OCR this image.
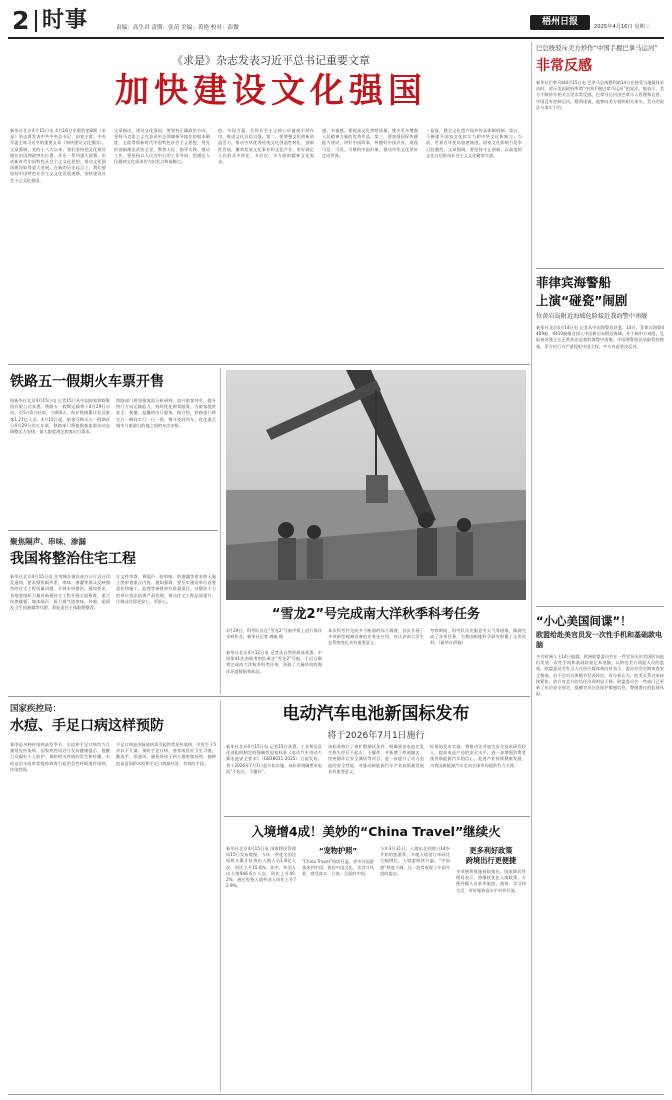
2 时事	责编：高生君 责期：张苗 美编：黄艳 校对：彭微
梧州日报	2025年4月16日 星期三
《求是》杂志发表习近平总书记重要文章
加快建设文化强国
新华社北京4月15日电 4月16日出版的第8期《求是》杂志将发表中共中央总书记、国家主席、中央军委主席习近平的重要文章《加快建设文化强国》。文章强调，党的十八大以来，我们坚持把文化建设摆在治国理政突出位置，作出一系列重大部署，形成新时代中国特色社会主义文化思想，推动文化强国建设取得重大进展。在新的历史起点上，我们要坚持中国特色社会主义文化发展道路，加快建设社会主义文化强国。
文章指出，建设文化强国，要坚持正确政治方向，坚持马克思主义在意识形态领域指导地位的根本制度，全面贯彻新时代中国特色社会主义思想，用党的创新理论武装全党、教育人民、指导实践、推动工作。要坚持以人民为中心的工作导向，把满足人民精神文化需求作为出发点和落脚点。
值、中国力量，发挥社会主义核心价值观引领作用，推进文化自信自强。第二，要增强文化创新创造活力，推动中华优秀传统文化创造性转化、创新性发展，繁荣发展文化事业和文化产业，更好满足人民群众多样化、多层次、多方面的精神文化需求。
感、幸福感。要提高文化供给质量，推出更多增强人民精神力量的优秀作品。第三，要加强国际传播能力建设，讲好中国故事，传播好中国声音，展现可信、可爱、可敬的中国形象，推动中华文化更好走向世界。
一监督，健全文化遗产保护传承体制机制。第五，不断提升国家文化软实力和中华文化影响力。当前，世界百年变局加速演进，国家文化影响力竞争日趋激烈。文章强调，要坚持守正创新，以高度的文化自信推动社会主义文化繁荣兴盛。
巴总统驳斥美方炒作“中国手握巴拿马运河”
非常反感
新华社巴拿马城4月15日电 巴拿马总统穆利诺14日在接受当地媒体采访时，驳斥美国政府所谓“中国手握巴拿马运河”的说法。他表示，美方不断炒作相关言论非常反感，巴拿马运河由巴拿马人管理和运营，中国没有控制运河。穆利诺说，他曾向美方说明相关事实，美方的说法与事实不符。
菲律宾海警船
上演“碰瓷”闹剧
位黄岩岛附近海域危险接近我海警中南舰
新华社北京4月14日电 记者从中国海警局获悉，14日，菲律宾海警4409船、4410船擅自闯入中国黄岩岛附近海域，并不顾中方劝阻，危险接近我正在正常执法巡查的海警中南舰。中国海警依法采取管控措施，菲方的行为严重侵犯中国主权，中方对此坚决反对。
“小心美国间谍”！
欧盟给赴美官员发一次性手机和基础款电脑
多名欧洲人士14日披露，欧洲联盟委员会在一些官员出访美国时向他们发放一次性手机和基础款笔记本电脑，以防范美方情报人员的监视。欧盟委员会发言人在回应媒体询问时表示，委员会会定期审查安全措施，但不会对具体细节发表评论。有分析认为，欧美关系近来持续紧张，欧方对美方的信任出现明显下降。欧盟委员会一些部门已更新了出访安全规定，提醒官员注意保护敏感信息，警惕潜在的监视风险。
铁路五一假期火车票开售
据新华社北京4月15日电 记者15日从中国国家铁路集团有限公司获悉，铁路五一假期运输将于4月29日启动，至5月6日结束，为期8天。预计铁路累计发送旅客1.27亿人次。4月15日起，旅客可购买五一假期首日4月29日的火车票，铁路部门将根据客流需求动态调整运力安排，最大限度满足旅客出行需求。
铁路部门将加强客流分析研判，加开旅客列车，提升热门方向运输能力，持续优化购票服务，为旅客提供安全、便捷、温馨的出行服务。据介绍，铁路部门将在五一期间实行一日一图，增开夜间列车，优化重点城市与旅游目的地之间的车次安排。
聚焦隔声、串味、渗漏
我国将整治住宅工程
新华社北京4月15日电 住房城乡建设部办公厅近日印发通知，要求聚焦隔声差、串味、渗漏等群众反映强烈的住宅工程质量问题，开展专项整治。通知要求，各地要组织力量对新建住宅工程开展全面排查，重点检查楼板、墙体隔声，厨卫排气道串味，外墙、屋面及卫生间渗漏等问题，督促责任主体限期整改。
计文件审查，将隔声、防串味、防渗漏等要求纳入施工图审查重点内容。通知强调，要压实建设单位首要责任和施工、监理等参建单位质量责任，对整治不力的单位依法依规严肃处理，推动住宅工程品质提升，让群众住得更安心、更舒心。
“雪龙2”号完成南大洋秋季科考任务
3月29日，科考队员在“雪龙2”号船甲板上进行海洋采样作业。新华社记者 周喻 摄
新华社北京4月12日电 记者从自然资源部获悉，中国第41次南极考察队乘坐“雪龙2”号船，于近日顺利完成南大洋秋季科考任务，获取了大量珍贵的海洋环境数据和样品。
本次科考共完成多个断面的综合调查，首次开展了多项新型观测设备的业务化应用，对认识南大洋生态系统变化具有重要意义。
考察期间，科考队员克服恶劣天气等困难，圆满完成了各项任务，为我国极地科学研究积累了宝贵资料。（新华社供稿）
电动汽车电池新国标发布
将于2026年7月1日施行
新华社北京4月15日电 记者15日获悉，工业和信息化部组织制定的强制性国家标准《电动汽车用动力蓄电池安全要求》（GB38031-2025）日前发布，将于2026年7月1日起开始实施。该标准明确要求电池“不起火、不爆炸”。
该标准修订了热扩散测试条件，明确要求电池在发生热失控后不起火、不爆炸，并新增了底部撞击、快充循环后安全测试等项目，进一步提升了动力电池的安全性能，对推动新能源汽车产业高质量发展具有重要意义。
标准的发布实施，将推动企业加大安全技术研发投入，提高电池产品的安全水平，进一步增强消费者使用新能源汽车的信心，促进产业持续健康发展，为我国新能源汽车走向全球市场提供有力支撑。
国家疾控局：
水痘、手足口病这样预防
春季是多种传染病高发季节。水痘和手足口病均为儿童常见传染病，国家疾控局近日发布健康提示，提醒公众做好个人防护，预防相关疾病的发生和传播。水痘是由水痘带状疱疹病毒引起的急性呼吸道传染病，传染性强。
手足口病是由肠道病毒引起的常见传染病，多发生于5岁以下儿童。预防手足口病，要养成良好卫生习惯，勤洗手、常通风，避免带孩子到人群密集场所。接种疫苗是预防水痘和手足口病最经济、有效的手段。
入境增4成！美妙的“China Travel”继续火
新华社北京4月15日电 国家移民管理局15日发布数据，今年一季度全国边检机关累计检查出入境人员1.8亿人次，同比上升15.6%。其中，外国人出入境946.6万人次，同比上升40.2%，通过免签入境外国人同比上升72.9%。
“宠物护照”
“China Travel”持续升温。更多外国游客来到中国，体验中国文化、美食与风景，感受真实、立体、全面的中国。
今年3月31日，入境东北到底日14岁开始的旅游季，多地入境游订单同比大幅增长。入境游持续升温，“中国游”热度不减，这一趋势展现了中国开放的姿态。
更多利好政策
跨境出行更便捷
多项便利措施持续推出。国家移民管理局表示，将继续优化入境政策，方便外籍人员来华旅游、商务、学习和生活，更好服务高水平对外开放。
